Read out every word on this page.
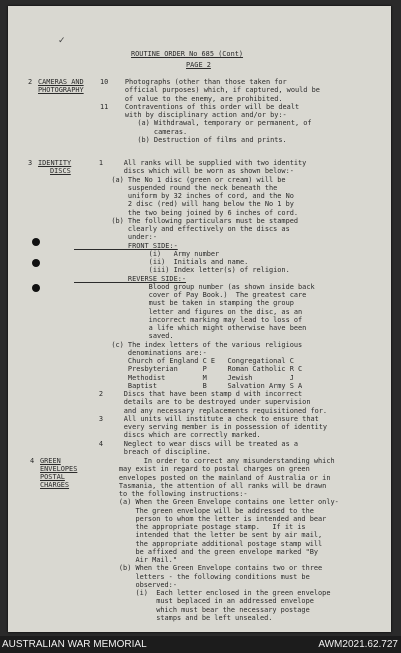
✓
ROUTINE ORDER No 685 (Cont)
PAGE 2
2 CAMERAS AND
PHOTOGRAPHY
10    Photographs (other than those taken for
official purposes) which, if captured, would be
of value to the enemy, are prohibited.
11    Contraventions of this order will be dealt
with by disciplinary action and/or by:-
(a) Withdrawal, temporary or permanent, of
cameras.
(b) Destruction of films and prints.
3 IDENTITY
DISCS
1     All ranks will be supplied with two identity
discs which will be worn as shown below:-
(a) The No 1 disc (green or cream) will be
suspended round the neck beneath the
uniform by 32 inches of cord, and the No
2 disc (red) will hang below the No 1 by
the two being joined by 6 inches of cord.
(b) The following particulars must be stamped
clearly and effectively on the discs as
under:-
FRONT SIDE:-
(i)   Army number
(ii)  Initials and name.
(iii) Index letter(s) of religion.
REVERSE SIDE:-
Blood group number (as shown inside back
cover of Pay Book.)  The greatest care
must be taken in stamping the group
letter and figures on the disc, as an
incorrect marking may lead to loss of
a life which might otherwise have been
saved.
(c) The index letters of the various religious
denominations are:-
Church of England C E   Congregational C
Presbyterian      P     Roman Catholic R C
Methodist         M     Jewish         J
Baptist           B     Salvation Army S A
2     Discs that have been stamp d with incorrect
details are to be destroyed under supervision
and any necessary replacements requisitioned for.
3     All units will institute a check to ensure that
every serving member is in possession of identity
discs which are correctly marked.
4     Neglect to wear discs will be treated as a
breach of discipline.
4 GREEN
ENVELOPES
POSTAL
CHARGES
In order to correct any misunderstanding which
may exist in regard to postal charges on green
envelopes posted on the mainland of Australia or in
Tasmania, the attention of all ranks will be drawn
to the following instructions:-
(a) When the Green Envelope contains one letter only-
The green envelope will be addressed to the
person to whom the letter is intended and bear
the appropriate postage stamp.   If it is
intended that the letter be sent by air mail,
the appropriate additional postage stamp will
be affixed and the green envelope marked "By
Air Mail."
(b) When the Green Envelope contains two or three
letters - the following conditions must be
observed:-
(i)  Each letter enclosed in the green envelope
must beplaced in an addressed envelope
which must bear the necessary postage
stamps and be left unsealed.
AUSTRALIAN WAR MEMORIAL	AWM2021.62.727
